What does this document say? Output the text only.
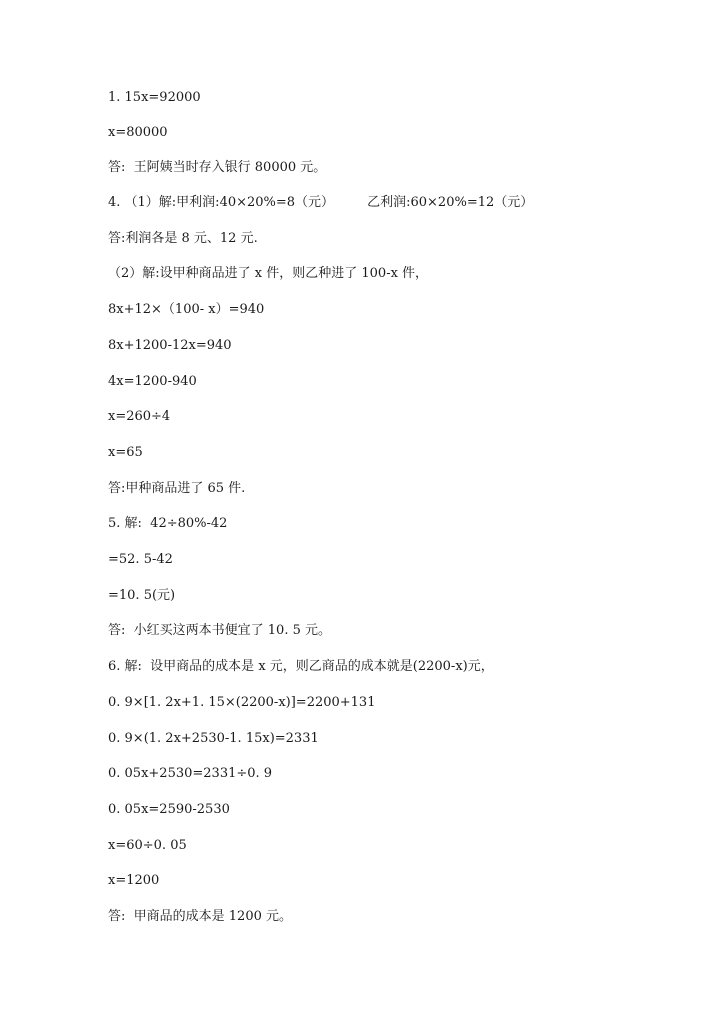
1. 15x=92000
x=80000
答:  王阿姨当时存入银行 80000 元。
4. （1）解:甲利润:40×20%=8（元）        乙利润:60×20%=12（元）
答:利润各是 8 元、12 元.
（2）解:设甲种商品进了 x 件，则乙种进了 100-x 件，
8x+12×（100- x）=940
8x+1200-12x=940
4x=1200-940
x=260÷4
x=65
答:甲种商品进了 65 件.
5. 解:  42÷80%-42
=52. 5-42
=10. 5(元)
答:  小红买这两本书便宜了 10. 5 元。
6. 解:  设甲商品的成本是 x 元，则乙商品的成本就是(2200-x)元，
0. 9×[1. 2x+1. 15×(2200-x)]=2200+131
0. 9×(1. 2x+2530-1. 15x)=2331
0. 05x+2530=2331÷0. 9
0. 05x=2590-2530
x=60÷0. 05
x=1200
答:  甲商品的成本是 1200 元。
